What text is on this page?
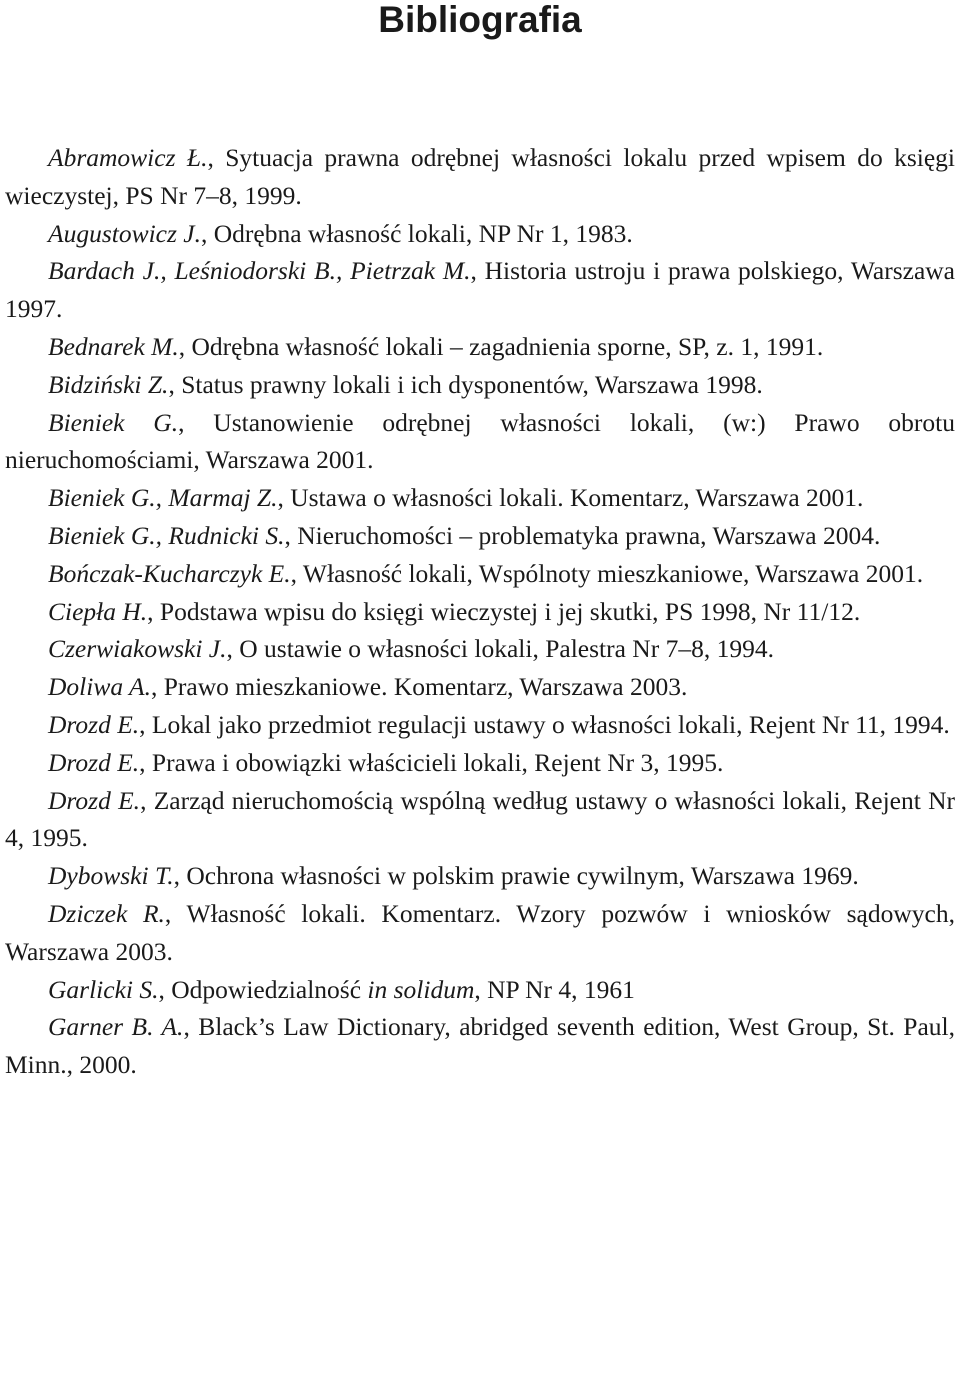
Bibliografia

Abramowicz Ł., Sytuacja prawna odrębnej własności lokalu przed wpisem do księgi wieczystej, PS Nr 7–8, 1999.

Augustowicz J., Odrębna własność lokali, NP Nr 1, 1983.

Bardach J., Leśniodorski B., Pietrzak M., Historia ustroju i prawa polskiego, Warszawa 1997.

Bednarek M., Odrębna własność lokali – zagadnienia sporne, SP, z. 1, 1991.

Bidziński Z., Status prawny lokali i ich dysponentów, Warszawa 1998.

Bieniek G., Ustanowienie odrębnej własności lokali, (w:) Prawo obrotu nieruchomościami, Warszawa 2001.

Bieniek G., Marmaj Z., Ustawa o własności lokali. Komentarz, Warszawa 2001.

Bieniek G., Rudnicki S., Nieruchomości – problematyka prawna, Warszawa 2004.

Bończak-Kucharczyk E., Własność lokali, Wspólnoty mieszkaniowe, Warszawa 2001.

Ciepła H., Podstawa wpisu do księgi wieczystej i jej skutki, PS 1998, Nr 11/12.

Czerwiakowski J., O ustawie o własności lokali, Palestra Nr 7–8, 1994.

Doliwa A., Prawo mieszkaniowe. Komentarz, Warszawa 2003.

Drozd E., Lokal jako przedmiot regulacji ustawy o własności lokali, Rejent Nr 11, 1994.

Drozd E., Prawa i obowiązki właścicieli lokali, Rejent Nr 3, 1995.

Drozd E., Zarząd nieruchomością wspólną według ustawy o własności lokali, Rejent Nr 4, 1995.

Dybowski T., Ochrona własności w polskim prawie cywilnym, Warszawa 1969.

Dziczek R., Własność lokali. Komentarz. Wzory pozwów i wniosków sądowych, Warszawa 2003.

Garlicki S., Odpowiedzialność in solidum, NP Nr 4, 1961

Garner B. A., Black’s Law Dictionary, abridged seventh edition, West Group, St. Paul, Minn., 2000.
